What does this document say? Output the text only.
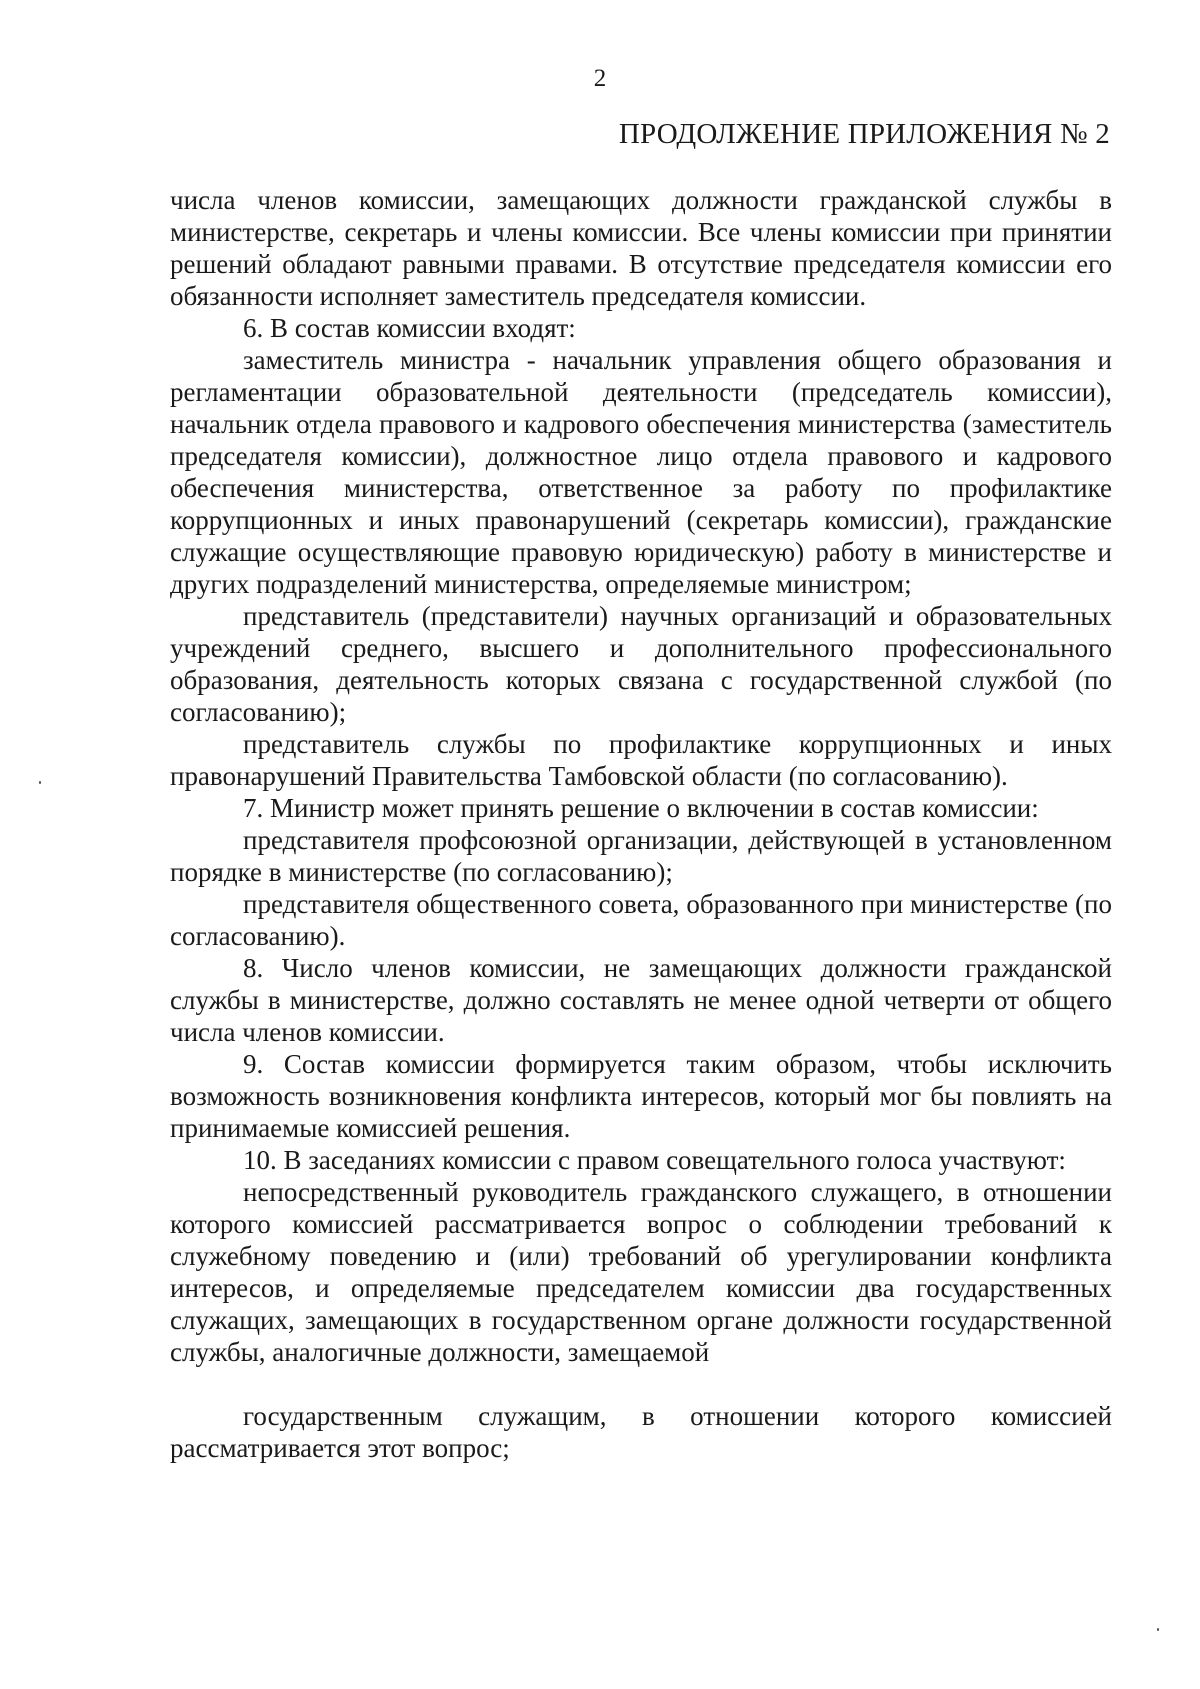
2
ПРОДОЛЖЕНИЕ ПРИЛОЖЕНИЯ № 2

числа членов комиссии, замещающих должности гражданской службы в министерстве, секретарь и члены комиссии. Все члены комиссии при принятии решений обладают равными правами. В отсутствие председателя комиссии его обязанности исполняет заместитель председателя комиссии.

6. В состав комиссии входят:

заместитель министра - начальник управления общего образования и регламентации образовательной деятельности (председатель комиссии), начальник отдела правового и кадрового обеспечения министерства (заместитель председателя комиссии), должностное лицо отдела правового и кадрового обеспечения министерства, ответственное за работу по профилактике коррупционных и иных правонарушений (секретарь комиссии), гражданские служащие осуществляющие правовую юридическую) работу в министерстве и других подразделений министерства, определяемые министром;

представитель (представители) научных организаций и образовательных учреждений среднего, высшего и дополнительного профессионального образования, деятельность которых связана с государственной службой (по согласованию);

представитель службы по профилактике коррупционных и иных правонарушений Правительства Тамбовской области (по согласованию).

7. Министр может принять решение о включении в состав комиссии:

представителя профсоюзной организации, действующей в установленном порядке в министерстве (по согласованию);

представителя общественного совета, образованного при министерстве (по согласованию).

8. Число членов комиссии, не замещающих должности гражданской службы в министерстве, должно составлять не менее одной четверти от общего числа членов комиссии.

9. Состав комиссии формируется таким образом, чтобы исключить возможность возникновения конфликта интересов, который мог бы повлиять на принимаемые комиссией решения.

10. В заседаниях комиссии с правом совещательного голоса участвуют:

непосредственный руководитель гражданского служащего, в отношении которого комиссией рассматривается вопрос о соблюдении требований к служебному поведению и (или) требований об урегулировании конфликта интересов, и определяемые председателем комиссии два государственных служащих, замещающих в государственном органе должности государственной службы, аналогичные должности, замещаемой

государственным служащим, в отношении которого комиссией рассматривается этот вопрос;
